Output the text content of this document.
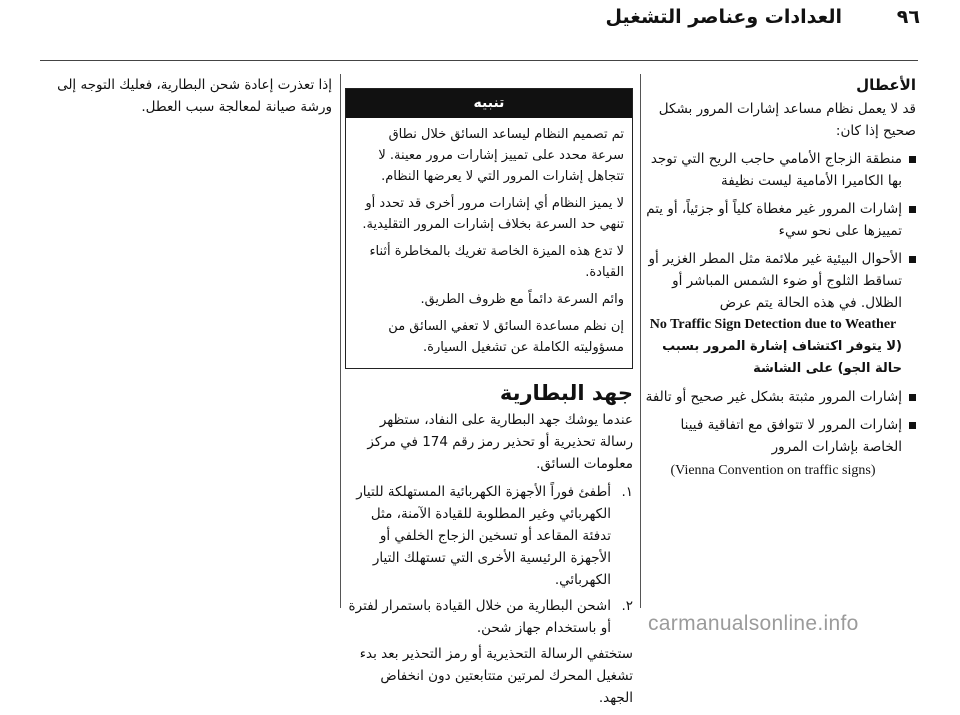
العدادات وعناصر التشغيل	٩٦
الأعطال
قد لا يعمل نظام مساعد إشارات المرور بشكل صحيح إذا كان:
منطقة الزجاج الأمامي حاجب الريح التي توجد بها الكاميرا الأمامية ليست نظيفة
إشارات المرور غير مغطاة كلياً أو جزئياً، أو يتم تمييزها على نحو سيء
الأحوال البيئية غير ملائمة مثل المطر الغزير أو تساقط الثلوج أو ضوء الشمس المباشر أو الظلال. في هذه الحالة يتم عرض
No Traffic Sign Detection due to Weather
(لا يتوفر اكتشاف إشارة المرور بسبب حالة الجو) على الشاشة
إشارات المرور مثبتة بشكل غير صحيح أو تالفة
إشارات المرور لا تتوافق مع اتفاقية فيينا الخاصة بإشارات المرور
(Vienna Convention on traffic signs)
تنبيه

تم تصميم النظام ليساعد السائق خلال نطاق سرعة محدد على تمييز إشارات مرور معينة. لا تتجاهل إشارات المرور التي لا يعرضها النظام.

لا يميز النظام أي إشارات مرور أخرى قد تحدد أو تنهي حد السرعة بخلاف إشارات المرور التقليدية.

لا تدع هذه الميزة الخاصة تغريك بالمخاطرة أثناء القيادة.

وائم السرعة دائماً مع ظروف الطريق.

إن نظم مساعدة السائق لا تعفي السائق من مسؤوليته الكاملة عن تشغيل السيارة.

جهد البطارية
عندما يوشك جهد البطارية على النفاد، ستظهر رسالة تحذيرية أو تحذير رمز رقم 174 في مركز معلومات السائق.
١.
أطفئ فوراً الأجهزة الكهربائية المستهلكة للتيار الكهربائي وغير المطلوبة للقيادة الآمنة، مثل تدفئة المقاعد أو تسخين الزجاج الخلفي أو الأجهزة الرئيسية الأخرى التي تستهلك التيار الكهربائي.
٢.
اشحن البطارية من خلال القيادة باستمرار لفترة أو باستخدام جهاز شحن.
ستختفي الرسالة التحذيرية أو رمز التحذير بعد بدء تشغيل المحرك لمرتين متتابعتين دون انخفاض الجهد.
إذا تعذرت إعادة شحن البطارية، فعليك التوجه إلى ورشة صيانة لمعالجة سبب العطل.
carmanualsonline.info
